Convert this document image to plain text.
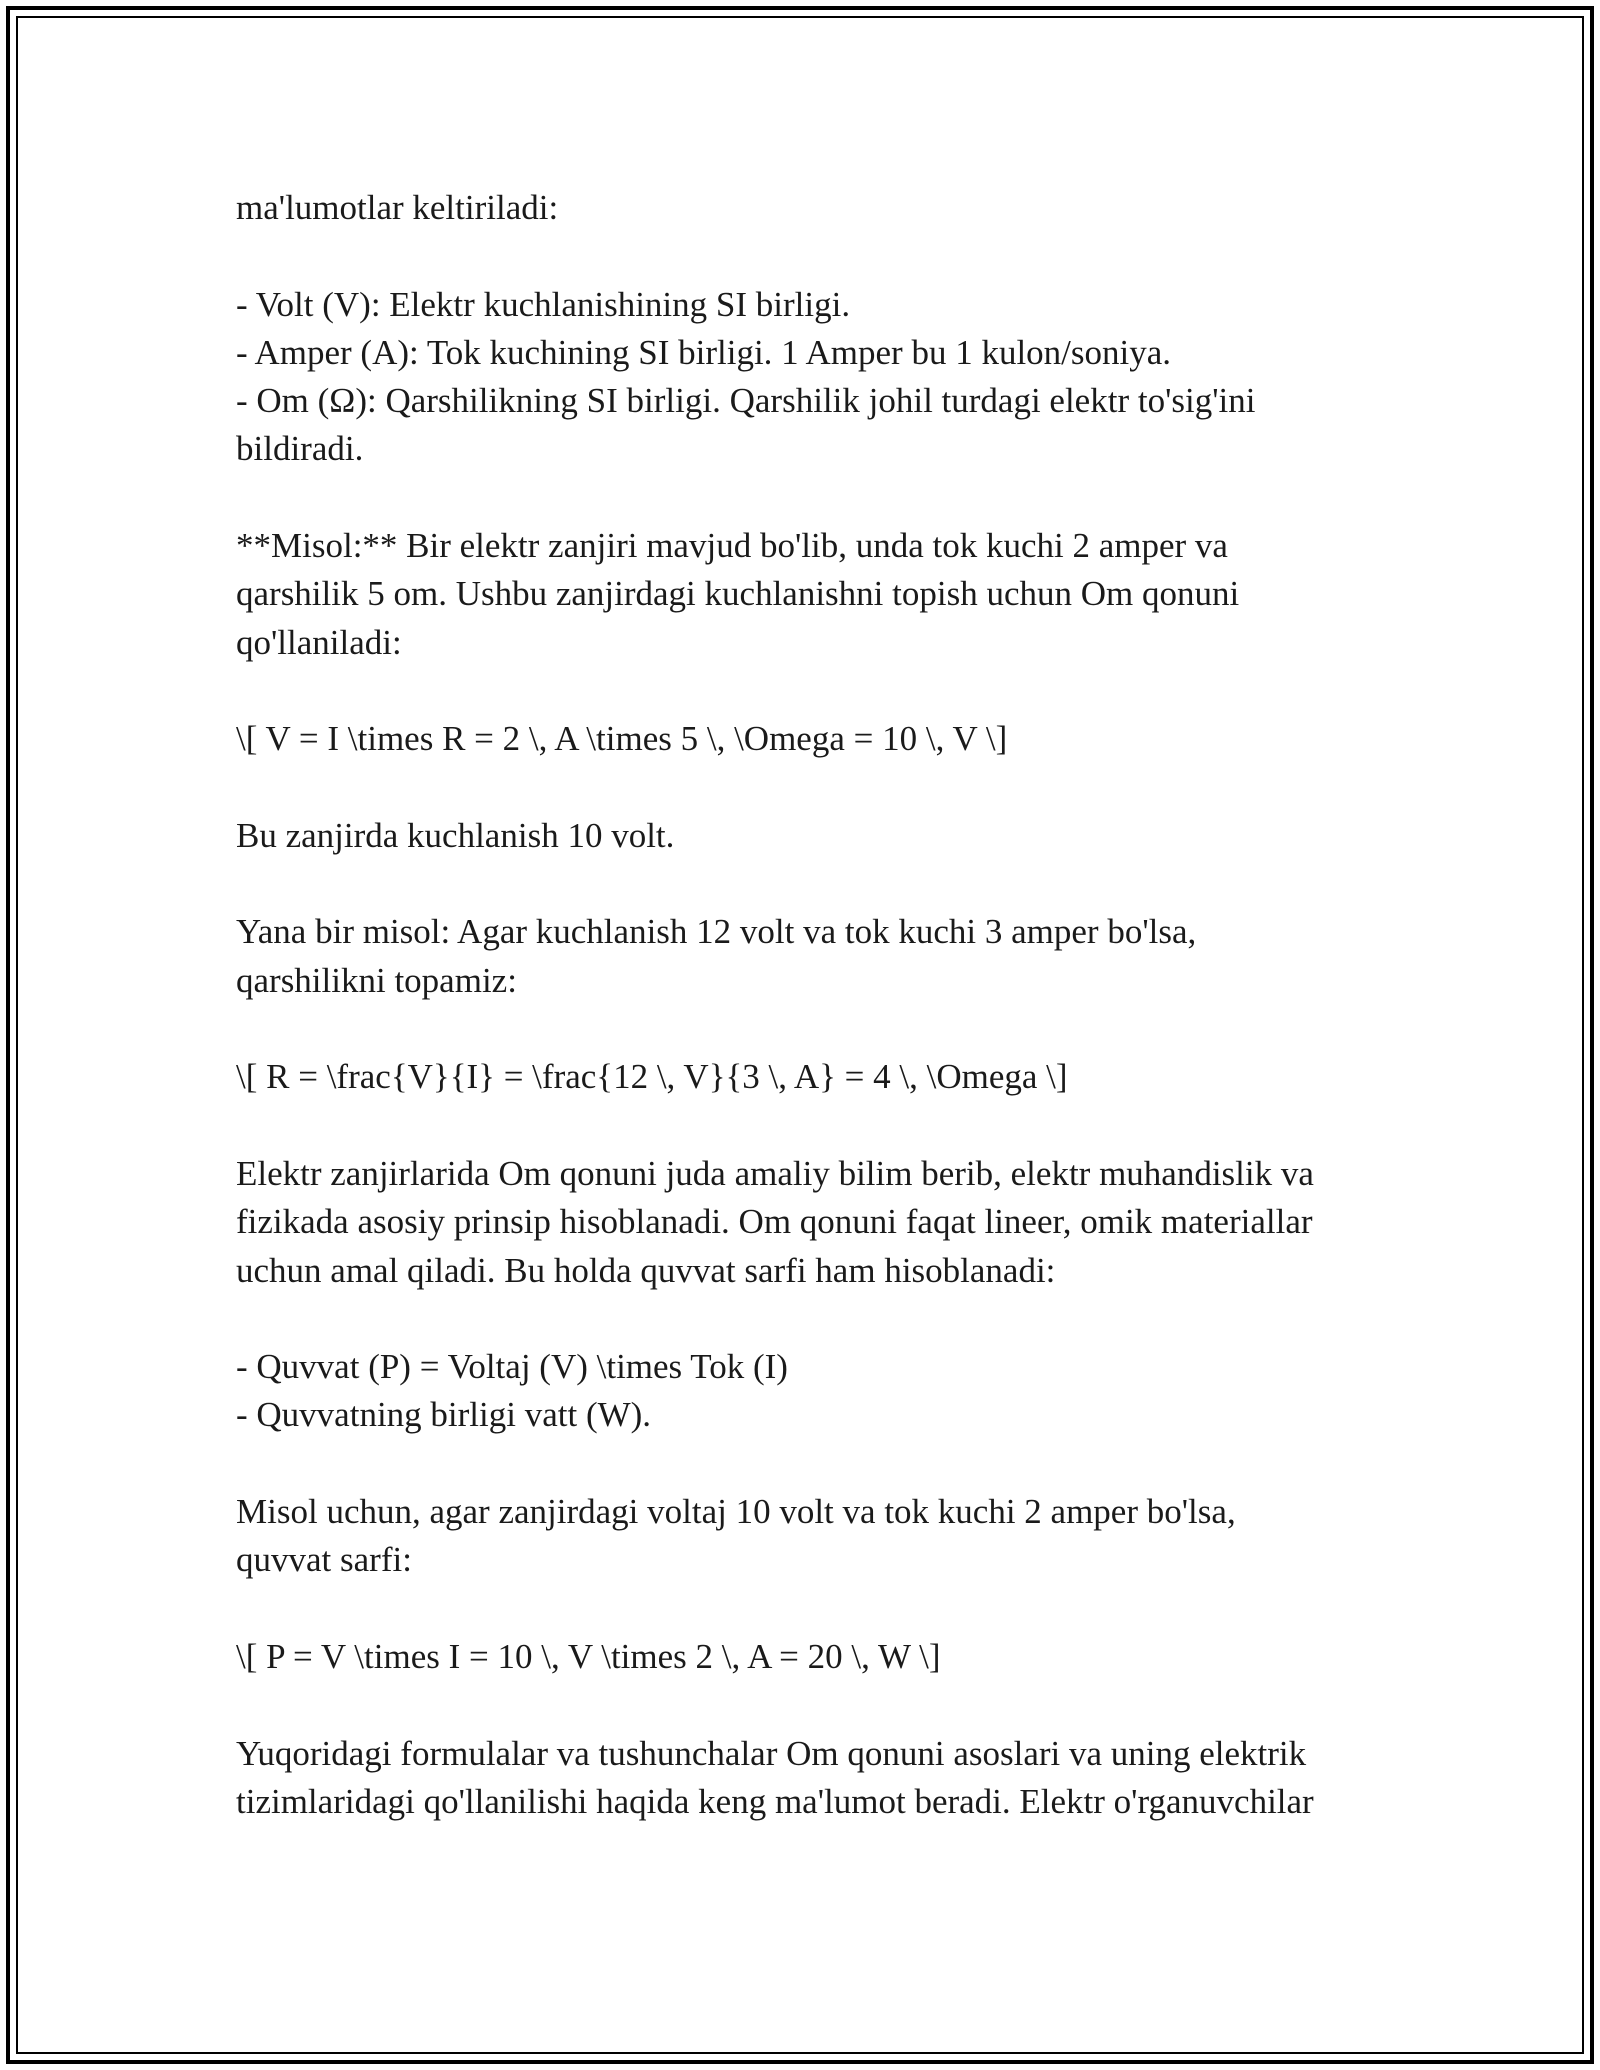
ma'lumotlar keltiriladi:
- Volt (V): Elektr kuchlanishining SI birligi.
- Amper (A): Tok kuchining SI birligi. 1 Amper bu 1 kulon/soniya.
- Om (Ω): Qarshilikning SI birligi. Qarshilik johil turdagi elektr to'sig'ini
bildiradi.
**Misol:** Bir elektr zanjiri mavjud bo'lib, unda tok kuchi 2 amper va
qarshilik 5 om. Ushbu zanjirdagi kuchlanishni topish uchun Om qonuni
qo'llaniladi:
\[ V = I \times R = 2 \, A \times 5 \, \Omega = 10 \, V \]
Bu zanjirda kuchlanish 10 volt.
Yana bir misol: Agar kuchlanish 12 volt va tok kuchi 3 amper bo'lsa,
qarshilikni topamiz:
\[ R = \frac{V}{I} = \frac{12 \, V}{3 \, A} = 4 \, \Omega \]
Elektr zanjirlarida Om qonuni juda amaliy bilim berib, elektr muhandislik va
fizikada asosiy prinsip hisoblanadi. Om qonuni faqat lineer, omik materiallar
uchun amal qiladi. Bu holda quvvat sarfi ham hisoblanadi:
- Quvvat (P) = Voltaj (V) \times Tok (I)
- Quvvatning birligi vatt (W).
Misol uchun, agar zanjirdagi voltaj 10 volt va tok kuchi 2 amper bo'lsa,
quvvat sarfi:
\[ P = V \times I = 10 \, V \times 2 \, A = 20 \, W \]
Yuqoridagi formulalar va tushunchalar Om qonuni asoslari va uning elektrik
tizimlaridagi qo'llanilishi haqida keng ma'lumot beradi. Elektr o'rganuvchilar
